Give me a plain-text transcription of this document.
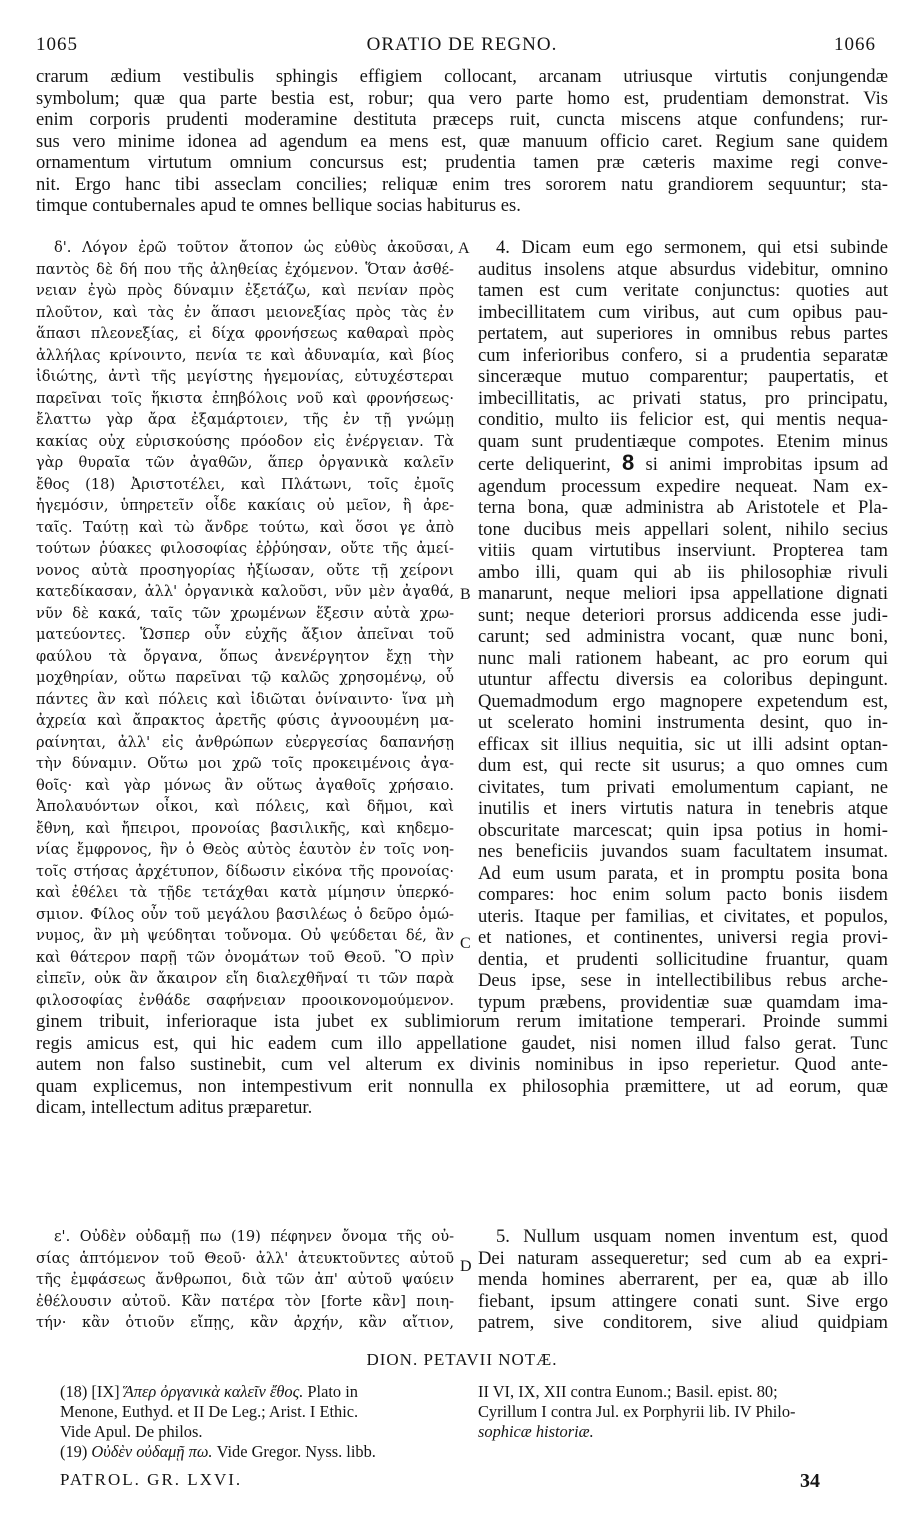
1065	ORATIO DE REGNO.	1066
crarum ædium vestibulis sphingis effigiem collocant, arcanam utriusque virtutis conjungendæ
symbolum; quæ qua parte bestia est, robur; qua vero parte homo est, prudentiam demonstrat. Vis
enim corporis prudenti moderamine destituta præceps ruit, cuncta miscens atque confundens; rur-
sus vero minime idonea ad agendum ea mens est, quæ manuum officio caret. Regium sane quidem
ornamentum virtutum omnium concursus est; prudentia tamen præ cæteris maxime regi conve-
nit. Ergo hanc tibi asseclam concilies; reliquæ enim tres sororem natu grandiorem sequuntur; sta-
timque contubernales apud te omnes bellique socias habiturus es.
δ'. Λόγον ἐρῶ τοῦτον ἄτοπον ὡς εὐθὺς ἀκοῦσαι,
παντὸς δὲ δή που τῆς ἀληθείας ἐχόμενον. Ὅταν ἀσθέ-
νειαν ἐγὼ πρὸς δύναμιν ἐξετάζω, καὶ πενίαν πρὸς
πλοῦτον, καὶ τὰς ἐν ἅπασι μειονεξίας πρὸς τὰς ἐν
ἅπασι πλεονεξίας, εἰ δίχα φρονήσεως καθαραὶ πρὸς
ἀλλήλας κρίνοιντο, πενία τε καὶ ἀδυναμία, καὶ βίος
ἰδιώτης, ἀντὶ τῆς μεγίστης ἡγεμονίας, εὐτυχέστεραι
παρεῖναι τοῖς ἥκιστα ἐπηβόλοις νοῦ καὶ φρονήσεως·
ἔλαττω γὰρ ἄρα ἐξαμάρτοιεν, τῆς ἐν τῇ γνώμῃ
κακίας οὐχ εὑρισκούσης πρόοδον εἰς ἐνέργειαν. Τὰ
γὰρ θυραῖα τῶν ἀγαθῶν, ἅπερ ὀργανικὰ καλεῖν
ἔθος (18) Ἀριστοτέλει, καὶ Πλάτωνι, τοῖς ἐμοῖς
ἡγεμόσιν, ὑπηρετεῖν οἶδε κακίαις οὐ μεῖον, ἢ ἀρε-
ταῖς. Ταύτῃ καὶ τὼ ἄνδρε τούτω, καὶ ὅσοι γε ἀπὸ
τούτων ῥύακες φιλοσοφίας ἐῤῥύησαν, οὔτε τῆς ἀμεί-
νονος αὐτὰ προσηγορίας ἠξίωσαν, οὔτε τῇ χείρονι
κατεδίκασαν, ἀλλ' ὀργανικὰ καλοῦσι, νῦν μὲν ἀγαθά,
νῦν δὲ κακά, ταῖς τῶν χρωμένων ἕξεσιν αὐτὰ χρω-
ματεύοντες. Ὥσπερ οὖν εὐχῆς ἄξιον ἀπεῖναι τοῦ
φαύλου τὰ ὄργανα, ὅπως ἀνενέργητον ἔχῃ τὴν
μοχθηρίαν, οὕτω παρεῖναι τῷ καλῶς χρησομένῳ, οὗ
πάντες ἂν καὶ πόλεις καὶ ἰδιῶται ὀνίναιντο· ἵνα μὴ
ἀχρεία καὶ ἄπρακτος ἀρετῆς φύσις ἀγνοουμένη μα-
ραίνηται, ἀλλ' εἰς ἀνθρώπων εὐεργεσίας δαπανήσῃ
τὴν δύναμιν. Οὕτω μοι χρῶ τοῖς προκειμένοις ἀγα-
θοῖς· καὶ γὰρ μόνως ἂν οὕτως ἀγαθοῖς χρήσαιο.
Ἀπολαυόντων οἶκοι, καὶ πόλεις, καὶ δῆμοι, καὶ
ἔθνη, καὶ ἤπειροι, προνοίας βασιλικῆς, καὶ κηδεμο-
νίας ἔμφρονος, ἣν ὁ Θεὸς αὐτὸς ἑαυτὸν ἐν τοῖς νοη-
τοῖς στήσας ἀρχέτυπον, δίδωσιν εἰκόνα τῆς προνοίας·
καὶ ἐθέλει τὰ τῇδε τετάχθαι κατὰ μίμησιν ὑπερκό-
σμιον. Φίλος οὖν τοῦ μεγάλου βασιλέως ὁ δεῦρο ὁμώ-
νυμος, ἂν μὴ ψεύδηται τοὔνομα. Οὐ ψεύδεται δέ, ἂν
καὶ θάτερον παρῇ τῶν ὀνομάτων τοῦ Θεοῦ. Ὃ πρὶν
εἰπεῖν, οὐκ ἂν ἄκαιρον εἴη διαλεχθῆναί τι τῶν παρὰ
φιλοσοφίας ἐνθάδε σαφήνειαν προοικονομούμενον.
4. Dicam eum ego sermonem, qui etsi subinde
auditus insolens atque absurdus videbitur, omnino
tamen est cum veritate conjunctus: quoties aut
imbecillitatem cum viribus, aut cum opibus pau-
pertatem, aut superiores in omnibus rebus partes
cum inferioribus confero, si a prudentia separatæ
sinceræque mutuo comparentur; paupertatis, et
imbecillitatis, ac privati status, pro principatu,
conditio, multo iis felicior est, qui mentis nequa-
quam sunt prudentiæque compotes. Etenim minus
certe deliquerint, 8 si animi improbitas ipsum ad
agendum processum expedire nequeat. Nam ex-
terna bona, quæ administra ab Aristotele et Pla-
tone ducibus meis appellari solent, nihilo secius
vitiis quam virtutibus inserviunt. Propterea tam
ambo illi, quam qui ab iis philosophiæ rivuli
manarunt, neque meliori ipsa appellatione dignati
sunt; neque deteriori prorsus addicenda esse judi-
carunt; sed administra vocant, quæ nunc boni,
nunc mali rationem habeant, ac pro eorum qui
utuntur affectu diversis ea coloribus depingunt.
Quemadmodum ergo magnopere expetendum est,
ut scelerato homini instrumenta desint, quo in-
efficax sit illius nequitia, sic ut illi adsint optan-
dum est, qui recte sit usurus; a quo omnes cum
civitates, tum privati emolumentum capiant, ne
inutilis et iners virtutis natura in tenebris atque
obscuritate marcescat; quin ipsa potius in homi-
nes beneficiis juvandos suam facultatem insumat.
Ad eum usum parata, et in promptu posita bona
compares: hoc enim solum pacto bonis iisdem
uteris. Itaque per familias, et civitates, et populos,
et nationes, et continentes, universi regia provi-
dentia, et prudenti sollicitudine fruantur, quam
Deus ipse, sese in intellectibilibus rebus arche-
typum præbens, providentiæ suæ quamdam ima-
A
B
C
D
ginem tribuit, inferioraque ista jubet ex sublimiorum rerum imitatione temperari. Proinde summi
regis amicus est, qui hic eadem cum illo appellatione gaudet, nisi nomen illud falso gerat. Tunc
autem non falso sustinebit, cum vel alterum ex divinis nominibus in ipso reperietur. Quod ante-
quam explicemus, non intempestivum erit nonnulla ex philosophia præmittere, ut ad eorum, quæ
dicam, intellectum aditus præparetur.
ε'. Οὐδὲν οὐδαμῇ πω (19) πέφηνεν ὄνομα τῆς οὐ-
σίας ἁπτόμενον τοῦ Θεοῦ· ἀλλ' ἀτευκτοῦντες αὐτοῦ
τῆς ἐμφάσεως ἄνθρωποι, διὰ τῶν ἀπ' αὐτοῦ ψαύειν
ἐθέλουσιν αὐτοῦ. Κἂν πατέρα τὸν [forte κἂν] ποιη-
τήν· κἂν ὁτιοῦν εἴπῃς, κἂν ἀρχήν, κἂν αἴτιον,
5. Nullum usquam nomen inventum est, quod
Dei naturam assequeretur; sed cum ab ea expri-
menda homines aberrarent, per ea, quæ ab illo
fiebant, ipsum attingere conati sunt. Sive ergo
patrem, sive conditorem, sive aliud quidpiam
DION. PETAVII NOTÆ.
(18) [IX] Ἅπερ ὀργανικὰ καλεῖν ἔθος. Plato in
Menone, Euthyd. et II De Leg.; Arist. I Ethic.
Vide Apul. De philos.
(19) Οὐδὲν οὐδαμῇ πω. Vide Gregor. Nyss. libb.
II VI, IX, XII contra Eunom.; Basil. epist. 80;
Cyrillum I contra Jul. ex Porphyrii lib. IV Philo-
sophicæ historiæ.
PATROL. GR. LXVI.	34
